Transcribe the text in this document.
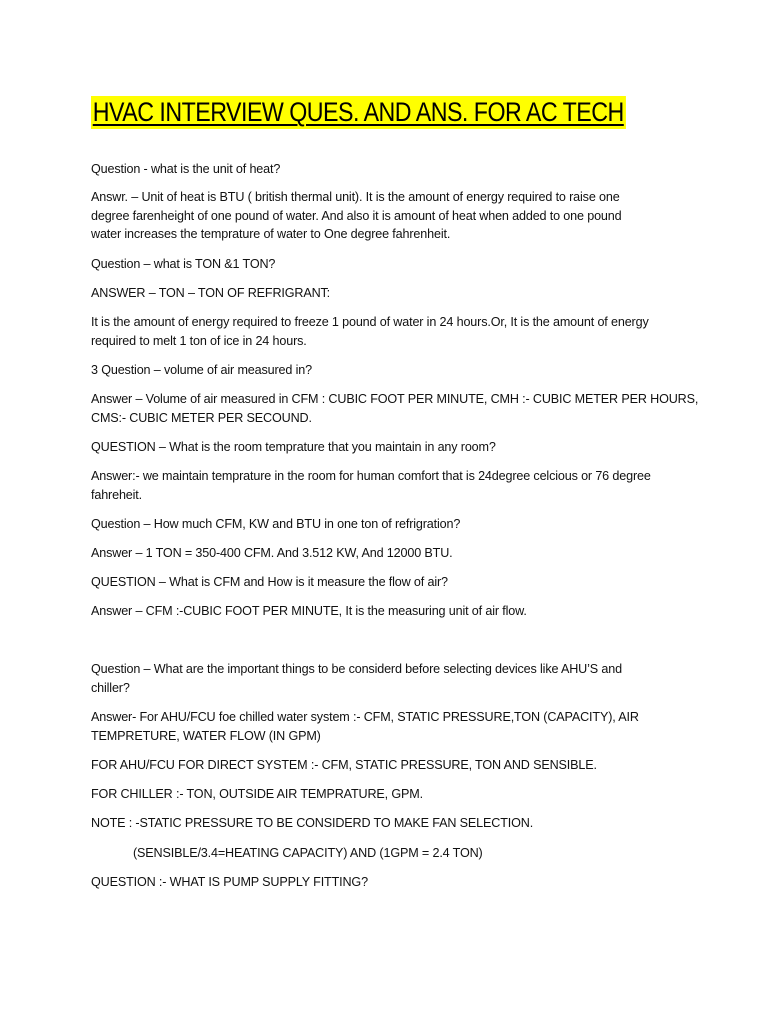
HVAC INTERVIEW QUES. AND ANS. FOR AC TECH

Question - what is the unit of heat?

Answr. – Unit of heat is BTU ( british thermal unit). It is the amount of energy required to raise one
degree farenheight of one pound of water. And also it is amount of heat when added to one pound
water increases the temprature of water to One degree fahrenheit.

Question – what is TON &1 TON?

ANSWER – TON – TON OF REFRIGRANT:

It is the amount of energy required to freeze 1 pound of water in 24 hours.Or, It is the amount of energy
required to melt 1 ton of ice in 24 hours.

3 Question – volume of air measured in?

Answer – Volume of air measured in CFM : CUBIC FOOT PER MINUTE, CMH :- CUBIC METER PER HOURS,
CMS:- CUBIC METER PER SECOUND.

QUESTION – What is the room temprature that you maintain in any room?

Answer:- we maintain temprature in the room for human comfort that is 24degree celcious or 76 degree
fahreheit.

Question – How much CFM, KW and BTU in one ton of refrigration?

Answer – 1 TON = 350-400 CFM. And 3.512 KW, And 12000 BTU.

QUESTION – What is CFM and How is it measure the flow of air?

Answer – CFM :-CUBIC FOOT PER MINUTE, It is the measuring unit of air flow.

Question – What are the important things to be considerd before selecting devices like AHU’S and
chiller?

Answer- For AHU/FCU foe chilled water system :- CFM, STATIC PRESSURE,TON (CAPACITY), AIR
TEMPRETURE, WATER FLOW (IN GPM)

FOR AHU/FCU FOR DIRECT SYSTEM :- CFM, STATIC PRESSURE, TON AND SENSIBLE.

FOR CHILLER :- TON, OUTSIDE AIR TEMPRATURE, GPM.

NOTE : -STATIC PRESSURE TO BE CONSIDERD TO MAKE FAN SELECTION.

(SENSIBLE/3.4=HEATING CAPACITY) AND (1GPM = 2.4 TON)

QUESTION :- WHAT IS PUMP SUPPLY FITTING?
